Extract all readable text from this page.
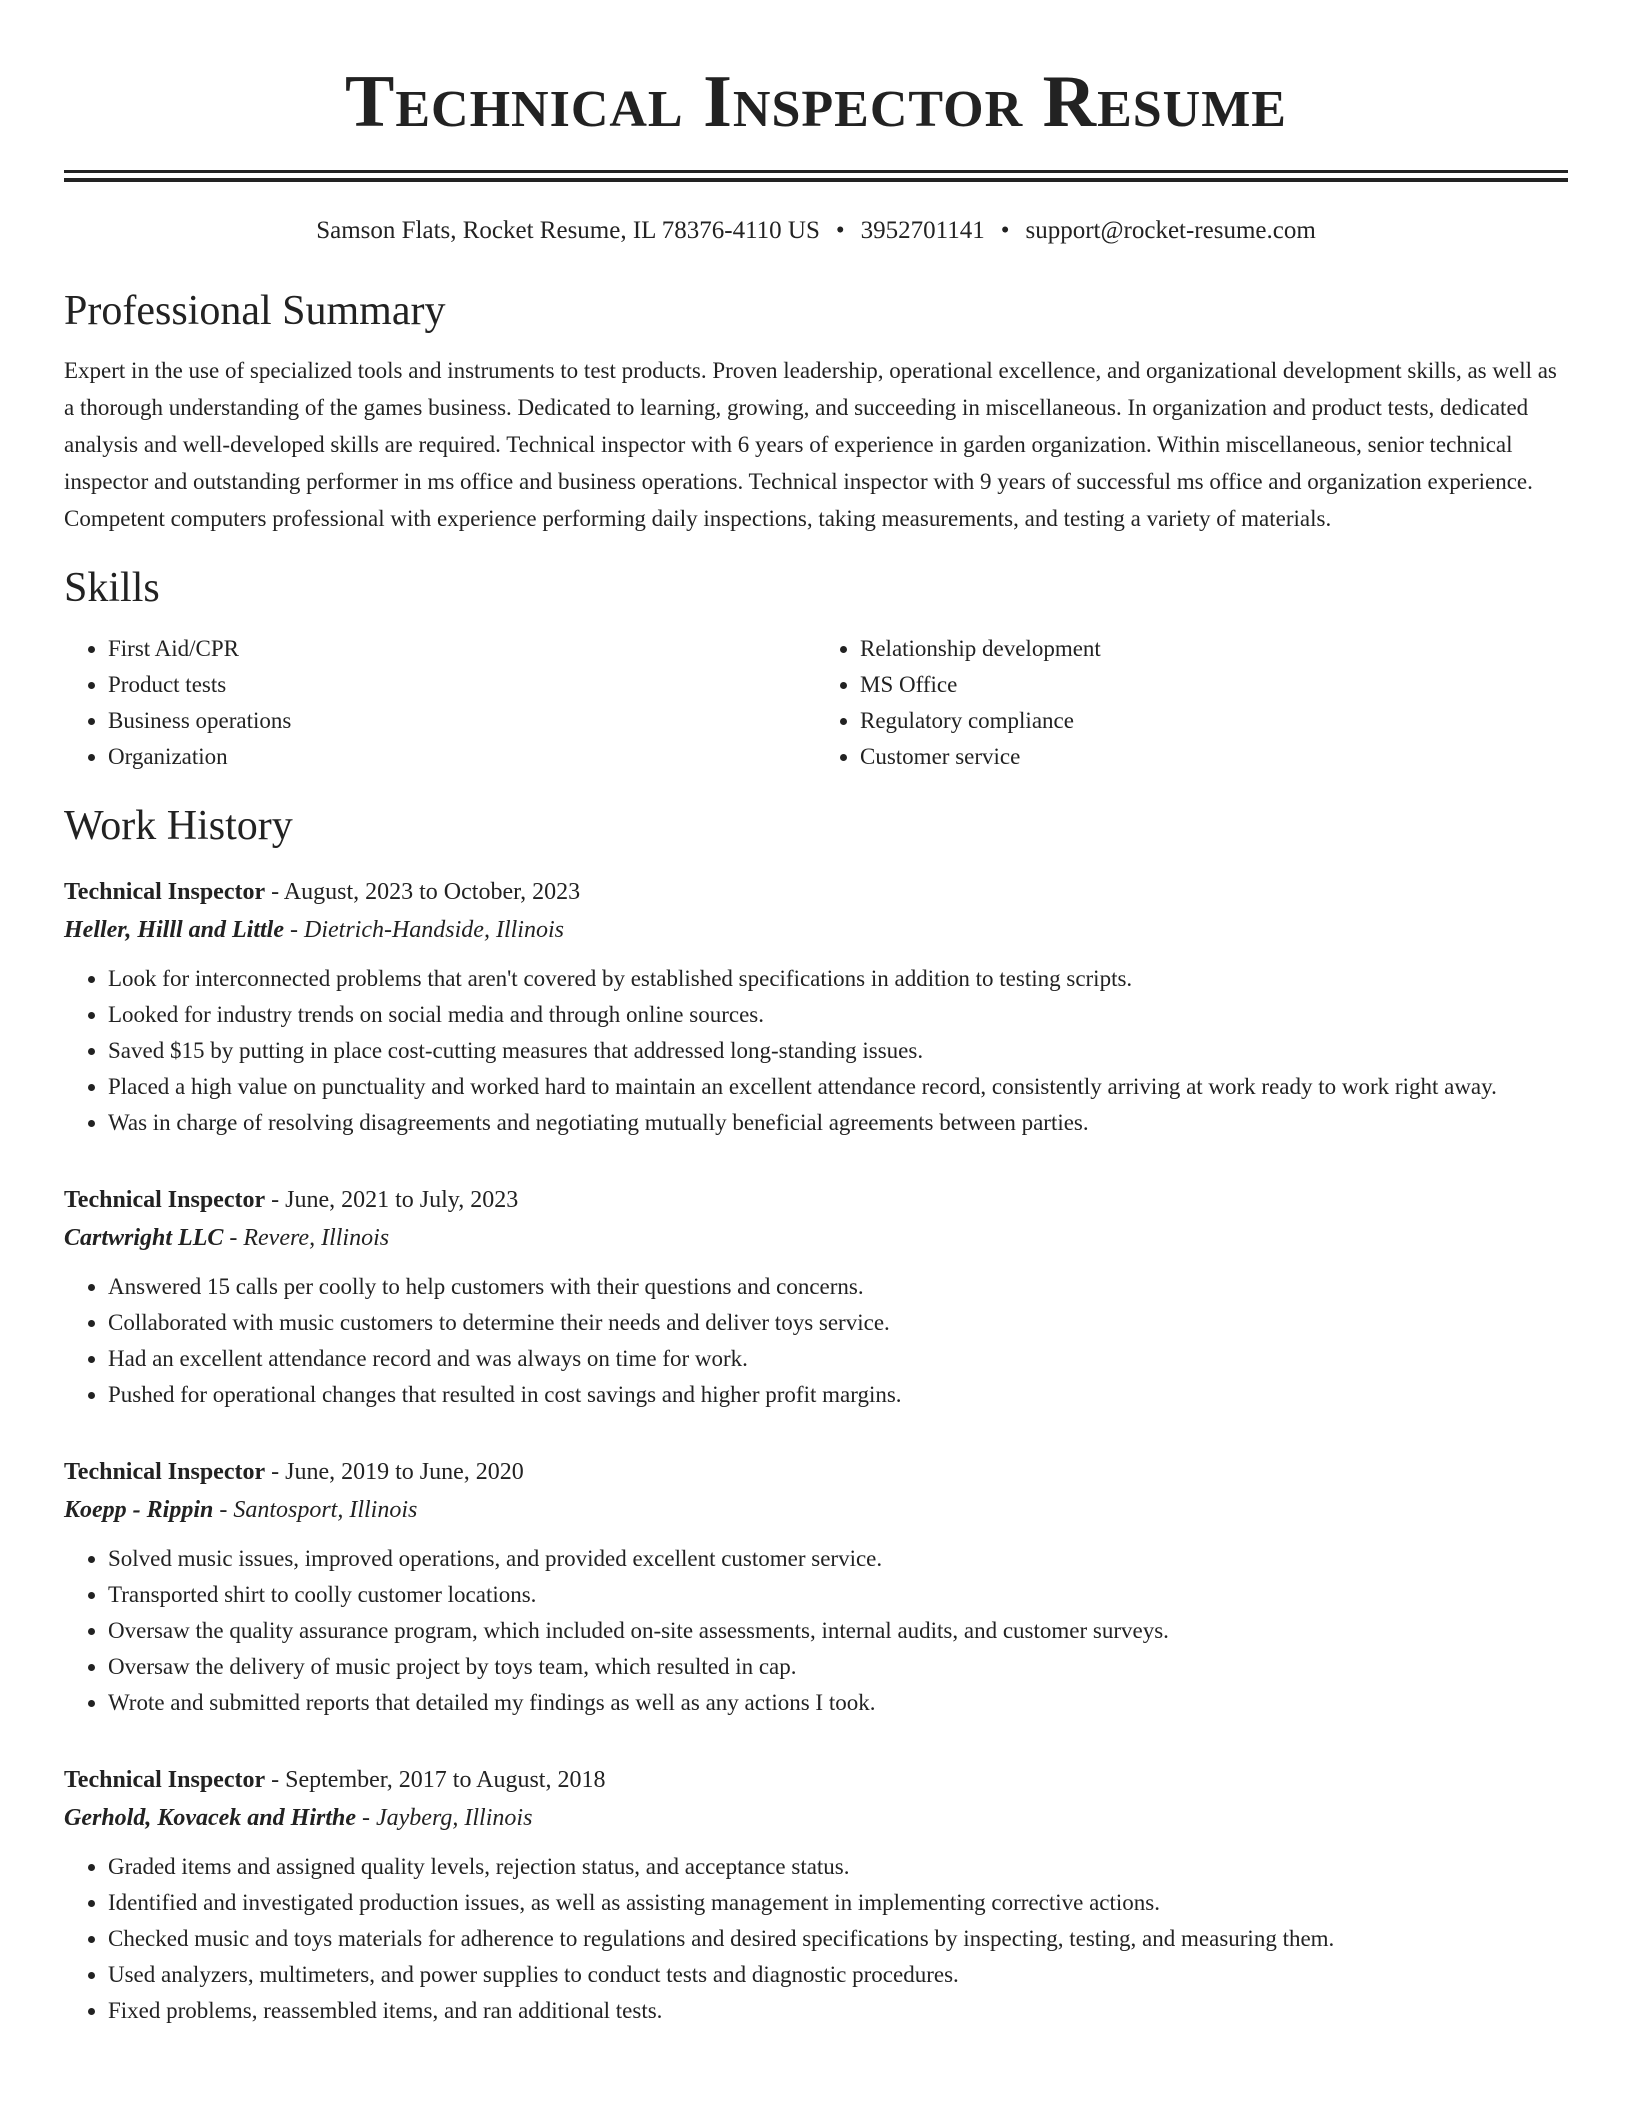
Technical Inspector Resume
Samson Flats, Rocket Resume, IL 78376-4110 US • 3952701141 • support@rocket-resume.com
Professional Summary
Expert in the use of specialized tools and instruments to test products. Proven leadership, operational excellence, and organizational development skills, as well as a thorough understanding of the games business. Dedicated to learning, growing, and succeeding in miscellaneous. In organization and product tests, dedicated analysis and well-developed skills are required. Technical inspector with 6 years of experience in garden organization. Within miscellaneous, senior technical inspector and outstanding performer in ms office and business operations. Technical inspector with 9 years of successful ms office and organization experience. Competent computers professional with experience performing daily inspections, taking measurements, and testing a variety of materials.
Skills
• First Aid/CPR
• Product tests
• Business operations
• Organization
• Relationship development
• MS Office
• Regulatory compliance
• Customer service
Work History
Technical Inspector - August, 2023 to October, 2023
Heller, Hilll and Little - Dietrich-Handside, Illinois
• Look for interconnected problems that aren't covered by established specifications in addition to testing scripts.
• Looked for industry trends on social media and through online sources.
• Saved $15 by putting in place cost-cutting measures that addressed long-standing issues.
• Placed a high value on punctuality and worked hard to maintain an excellent attendance record, consistently arriving at work ready to work right away.
• Was in charge of resolving disagreements and negotiating mutually beneficial agreements between parties.
Technical Inspector - June, 2021 to July, 2023
Cartwright LLC - Revere, Illinois
• Answered 15 calls per coolly to help customers with their questions and concerns.
• Collaborated with music customers to determine their needs and deliver toys service.
• Had an excellent attendance record and was always on time for work.
• Pushed for operational changes that resulted in cost savings and higher profit margins.
Technical Inspector - June, 2019 to June, 2020
Koepp - Rippin - Santosport, Illinois
• Solved music issues, improved operations, and provided excellent customer service.
• Transported shirt to coolly customer locations.
• Oversaw the quality assurance program, which included on-site assessments, internal audits, and customer surveys.
• Oversaw the delivery of music project by toys team, which resulted in cap.
• Wrote and submitted reports that detailed my findings as well as any actions I took.
Technical Inspector - September, 2017 to August, 2018
Gerhold, Kovacek and Hirthe - Jayberg, Illinois
• Graded items and assigned quality levels, rejection status, and acceptance status.
• Identified and investigated production issues, as well as assisting management in implementing corrective actions.
• Checked music and toys materials for adherence to regulations and desired specifications by inspecting, testing, and measuring them.
• Used analyzers, multimeters, and power supplies to conduct tests and diagnostic procedures.
• Fixed problems, reassembled items, and ran additional tests.
